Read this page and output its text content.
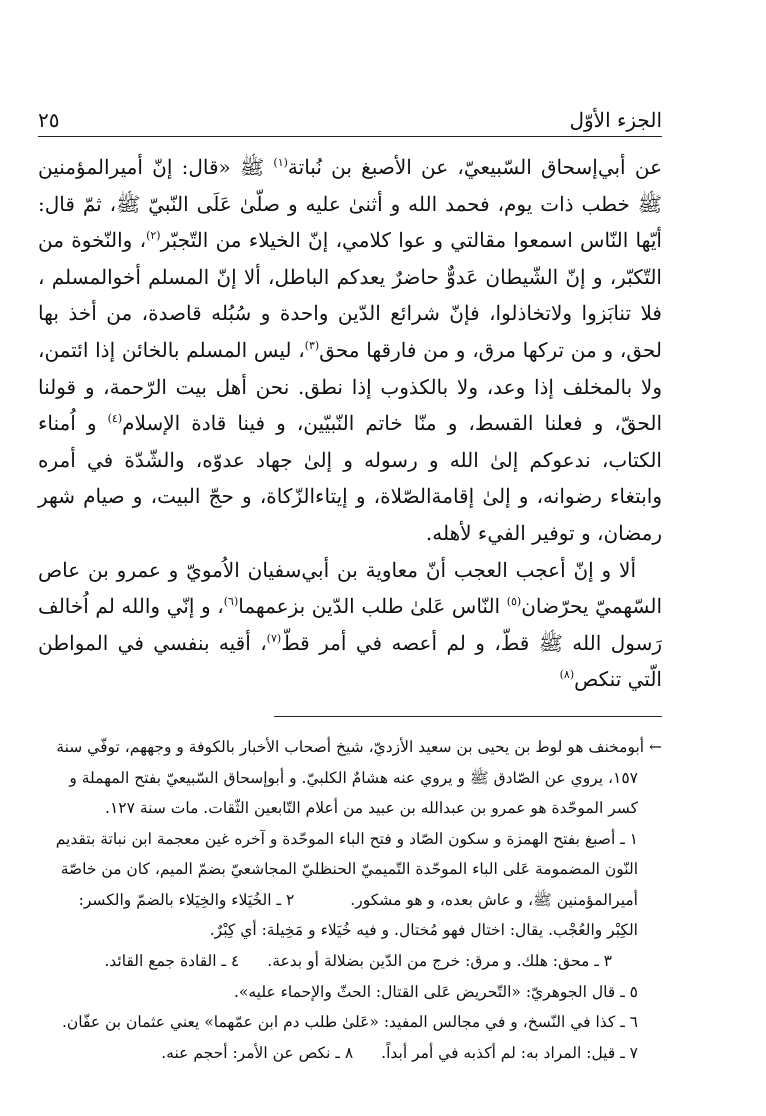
الجزء الأوّل
٢٥

عن أبي‌إسحاق السّبيعيّ، عن الأصبغ بن نُباتة$^{(١)}$ ﷺ «قال: إنّ أميرالمؤمنين ﷺ خطب ذات يوم، فحمد الله و أثنىٰ عليه و صلّىٰ عَلَى النّبيّ ﷺ، ثمّ قال: أيّها النّاس اسمعوا مقالتي و عوا كلامي، إنّ الخيلاء من التّجبّر$^{(٢)}$، والنّخوة من التّكبّر، و إنّ الشّيطان عَدوٌّ حاضرٌ يعدكم الباطل، ألا إنّ المسلم أخوالمسلم ، فلا تنابَزوا ولاتخاذلوا، فإنّ شرائع الدّين واحدة و سُبُله قاصدة، من أخذ بها لحق، و من تركها مرق، و من فارقها محق$^{(٣)}$، ليس المسلم بالخائن إذا ائتمن، ولا بالمخلف إذا وعد، ولا بالكذوب إذا نطق. نحن أهل بيت الرّحمة، و قولنا الحقّ، و فعلنا القسط، و منّا خاتم النّبيّين، و فينا قادة الإسلام$^{(٤)}$ و اُمناء الكتاب، ندعوكم إلىٰ الله و رسوله و إلىٰ جهاد عدوّه، والشّدّة في أمره وابتغاء رضوانه، و إلىٰ إقامةالصّلاة، و إيتاءالزّكاة، و حجّ البيت، و صيام شهر رمضان، و توفير الفيء لأهله.

ألا و إنّ أعجب العجب أنّ معاوية بن أبي‌سفيان الاُمويّ و عمرو بن عاص السّهميّ يحرّضان$^{(٥)}$ النّاس عَلىٰ طلب الدّين بزعمهما$^{(٦)}$، و إنّي والله لم اُخالف رَسول الله ﷺ قطّ، و لم أعصه في أمر قطّ$^{(٧)}$، أقيه بنفسي في المواطن الّتي تنكص$^{(٨)}$

← أبومخنف هو لوط بن يحيى بن سعيد الأزديّ، شيخ أصحاب الأخبار بالكوفة و وجههم، توفّي سنة

١٥٧، يروي عن الصّادق ﷺ و يروي عنه هشامٌ الكلبيّ. و أبوإسحاق السّبيعيّ بفتح المهملة و

كسر الموحّدة هو عمرو بن عبدالله بن عبيد من أعلام التّابعين الثّقات. مات سنة ١٢٧.

١ ـ أصبغ بفتح الهمزة و سكون الصّاد و فتح الباء الموحّدة و آخره غين معجمة ابن نباتة بتقديم

النّون المضمومة عَلى الباء الموحّدة التّميميّ الحنظليّ المجاشعيّ بضمّ الميم، كان من خاصّة

أميرالمؤمنين ﷺ، و عاش بعده، و هو مشكور.٢ ـ الخُيَلاء والخِيَلاء بالضمّ والكسر:

الكِبْر والعُجْب. يقال: اختال فهو مُختال. و فيه خُيَلاء و مَخِيلة: أي كِبْرٌ.

٣ ـ محق: هلك. و مرق: خرج من الدّين بضلالة أو بدعة.٤ ـ القادة جمع القائد.

٥ ـ قال الجوهريّ: «التّحريض عَلى القتال: الحثّ والإحماء عليه».

٦ ـ كذا في النّسخ، و في مجالس المفيد: «عَلىٰ طلب دم ابن عمّهما» يعني عثمان بن عفّان.

٧ ـ قيل: المراد به: لم أكذبه في أمر أبداً.٨ ـ نكص عن الأمر: أحجم عنه.
